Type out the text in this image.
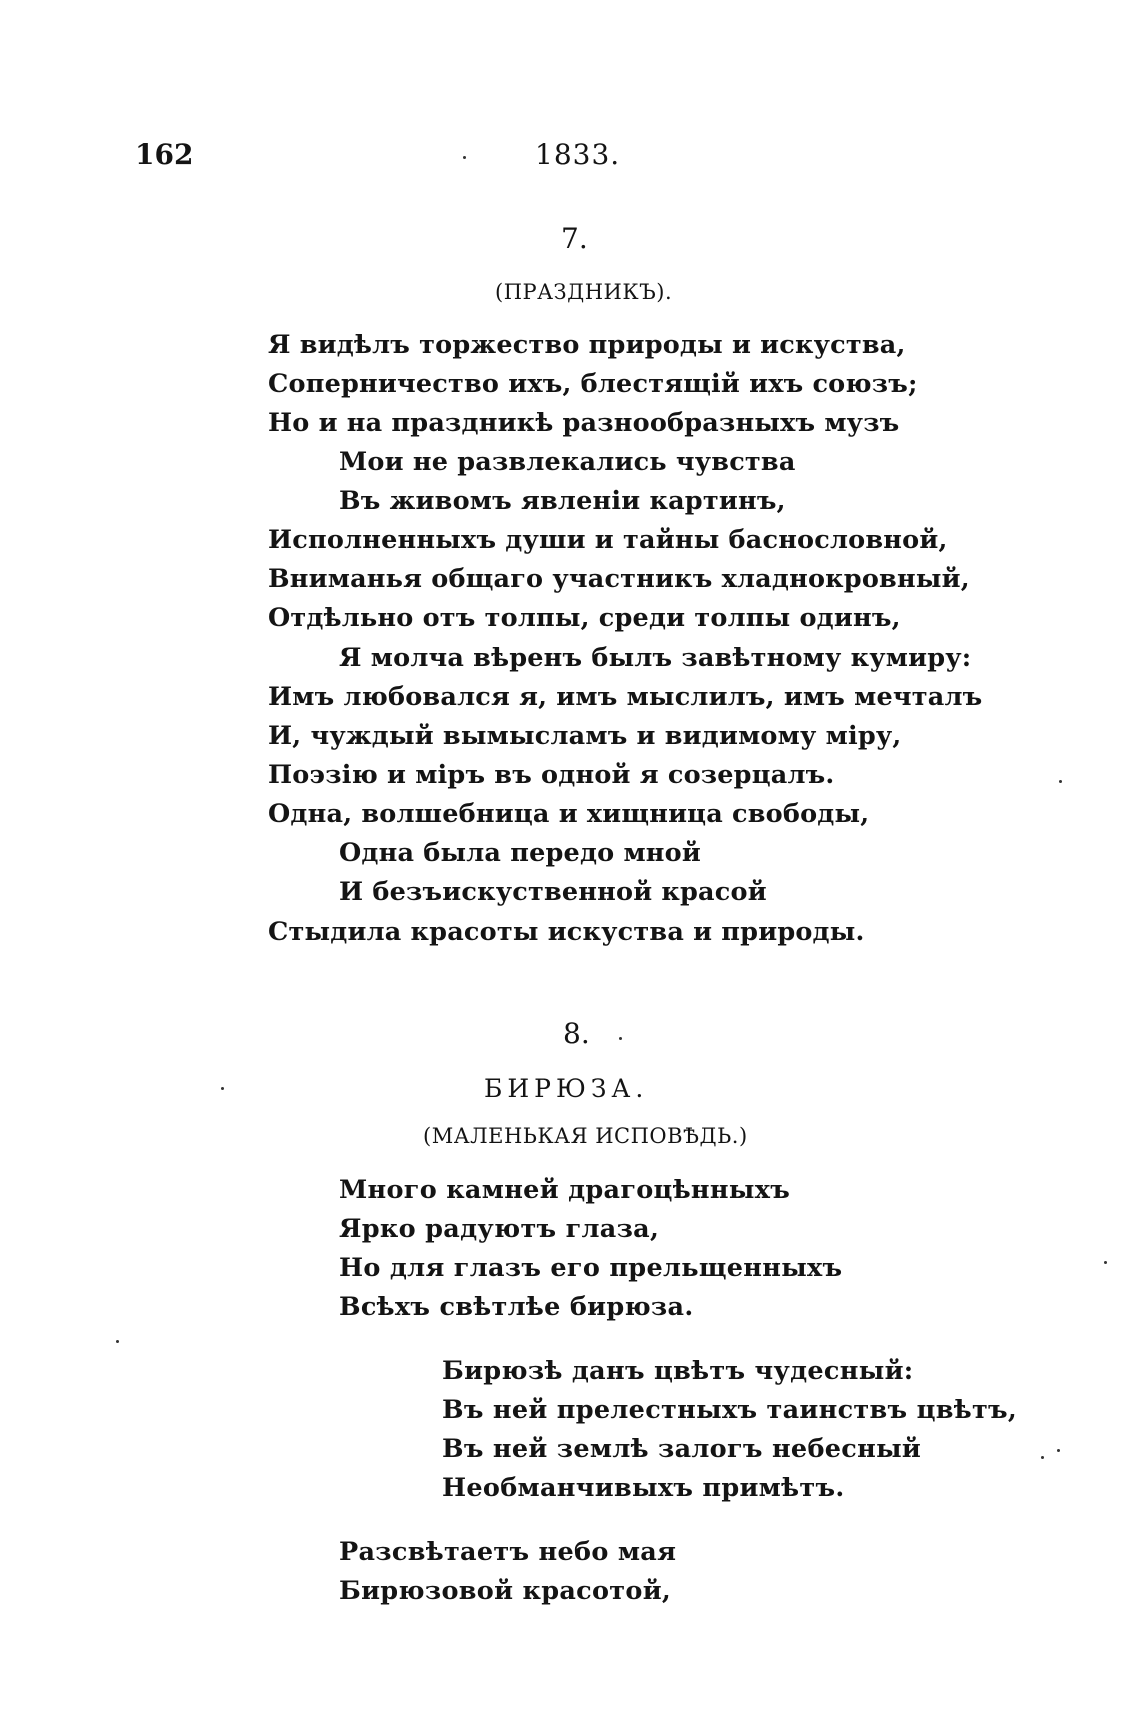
162	1833.
7.
(ПРАЗДНИКЪ).
Я видѣлъ торжество природы и искуства,
Соперничество ихъ, блестящій ихъ союзъ;
Но и на праздникѣ разнообразныхъ музъ
Мои не развлекались чувства
Въ живомъ явленіи картинъ,
Исполненныхъ души и тайны баснословной,
Вниманья общаго участникъ хладнокровный,
Отдѣльно отъ толпы, среди толпы одинъ,
Я молча вѣренъ былъ завѣтному кумиру:
Имъ любовался я, имъ мыслилъ, имъ мечталъ
И, чуждый вымысламъ и видимому міру,
Поэзію и міръ въ одной я созерцалъ.
Одна, волшебница и хищница свободы,
Одна была передо мной
И безъискуственной красой
Стыдила красоты искуства и природы.
8.
БИРЮЗА.
(МАЛЕНЬКАЯ ИСПОВѢДЬ.)
Много камней драгоцѣнныхъ
Ярко радуютъ глаза,
Но для глазъ его прельщенныхъ
Всѣхъ свѣтлѣе бирюза.
Бирюзѣ данъ цвѣтъ чудесный:
Въ ней прелестныхъ таинствъ цвѣтъ,
Въ ней землѣ залогъ небесный
Необманчивыхъ примѣтъ.
Разсвѣтаетъ небо мая
Бирюзовой красотой,
